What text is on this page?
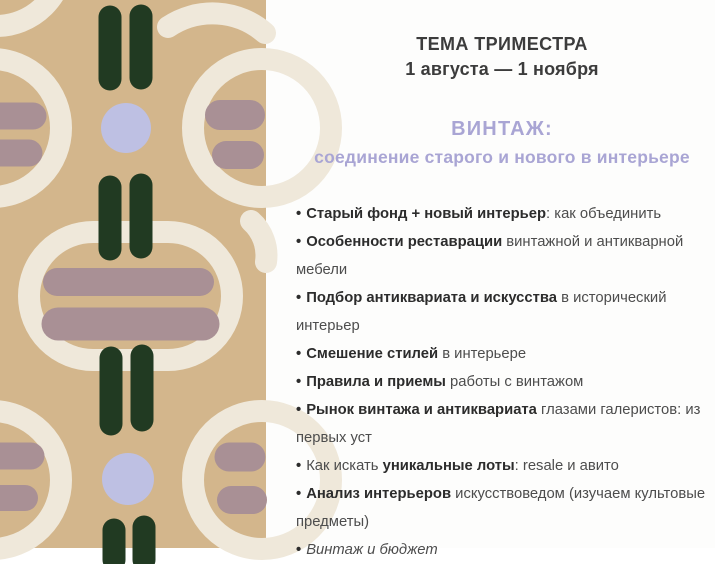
ТЕМА ТРИМЕСТРА
1 августа — 1 ноября
ВИНТАЖ:
соединение старого и нового в интерьере
• Старый фонд + новый интерьер: как объединить
• Особенности реставрации винтажной и антикварной мебели
• Подбор антиквариата и искусства в исторический интерьер
• Смешение стилей в интерьере
• Правила и приемы работы с винтажом
• Рынок винтажа и антиквариата глазами галеристов: из первых уст
• Как искать уникальные лоты: resale и авито
• Анализ интерьеров искусствоведом (изучаем культовые предметы)
• Винтаж и бюджет
